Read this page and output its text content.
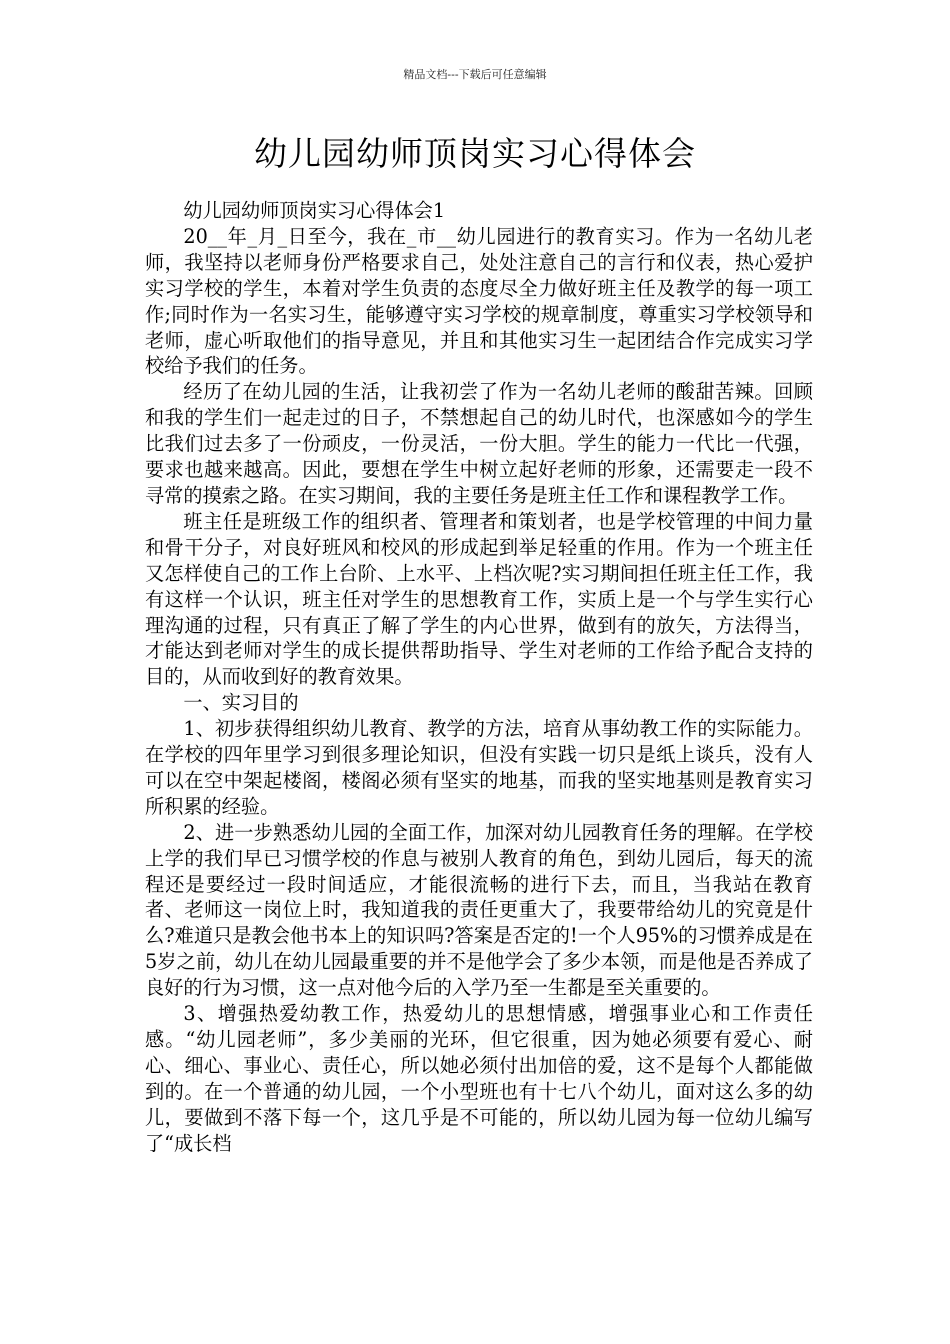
精品文档---下载后可任意编辑
幼儿园幼师顶岗实习心得体会

幼儿园幼师顶岗实习心得体会1

20__年_月_日至今，我在_市__幼儿园进行的教育实习。作为一名幼儿老师，我坚持以老师身份严格要求自己，处处注意自己的言行和仪表，热心爱护实习学校的学生，本着对学生负责的态度尽全力做好班主任及教学的每一项工作;同时作为一名实习生，能够遵守实习学校的规章制度，尊重实习学校领导和老师，虚心听取他们的指导意见，并且和其他实习生一起团结合作完成实习学校给予我们的任务。

经历了在幼儿园的生活，让我初尝了作为一名幼儿老师的酸甜苦辣。回顾和我的学生们一起走过的日子，不禁想起自己的幼儿时代，也深感如今的学生比我们过去多了一份顽皮，一份灵活，一份大胆。学生的能力一代比一代强，要求也越来越高。因此，要想在学生中树立起好老师的形象，还需要走一段不寻常的摸索之路。在实习期间，我的主要任务是班主任工作和课程教学工作。

班主任是班级工作的组织者、管理者和策划者，也是学校管理的中间力量和骨干分子，对良好班风和校风的形成起到举足轻重的作用。作为一个班主任又怎样使自己的工作上台阶、上水平、上档次呢?实习期间担任班主任工作，我有这样一个认识，班主任对学生的思想教育工作，实质上是一个与学生实行心理沟通的过程，只有真正了解了学生的内心世界，做到有的放矢，方法得当，才能达到老师对学生的成长提供帮助指导、学生对老师的工作给予配合支持的目的，从而收到好的教育效果。

一、实习目的

1、初步获得组织幼儿教育、教学的方法，培育从事幼教工作的实际能力。在学校的四年里学习到很多理论知识，但没有实践一切只是纸上谈兵，没有人可以在空中架起楼阁，楼阁必须有坚实的地基，而我的坚实地基则是教育实习所积累的经验。

2、进一步熟悉幼儿园的全面工作，加深对幼儿园教育任务的理解。在学校上学的我们早已习惯学校的作息与被别人教育的角色，到幼儿园后，每天的流程还是要经过一段时间适应，才能很流畅的进行下去，而且，当我站在教育者、老师这一岗位上时，我知道我的责任更重大了，我要带给幼儿的究竟是什么?难道只是教会他书本上的知识吗?答案是否定的!一个人95%的习惯养成是在5岁之前，幼儿在幼儿园最重要的并不是他学会了多少本领，而是他是否养成了良好的行为习惯，这一点对他今后的入学乃至一生都是至关重要的。

3、增强热爱幼教工作，热爱幼儿的思想情感，增强事业心和工作责任感。“幼儿园老师”，多少美丽的光环，但它很重，因为她必须要有爱心、耐心、细心、事业心、责任心，所以她必须付出加倍的爱，这不是每个人都能做到的。在一个普通的幼儿园，一个小型班也有十七八个幼儿，面对这么多的幼儿，要做到不落下每一个，这几乎是不可能的，所以幼儿园为每一位幼儿编写了“成长档
